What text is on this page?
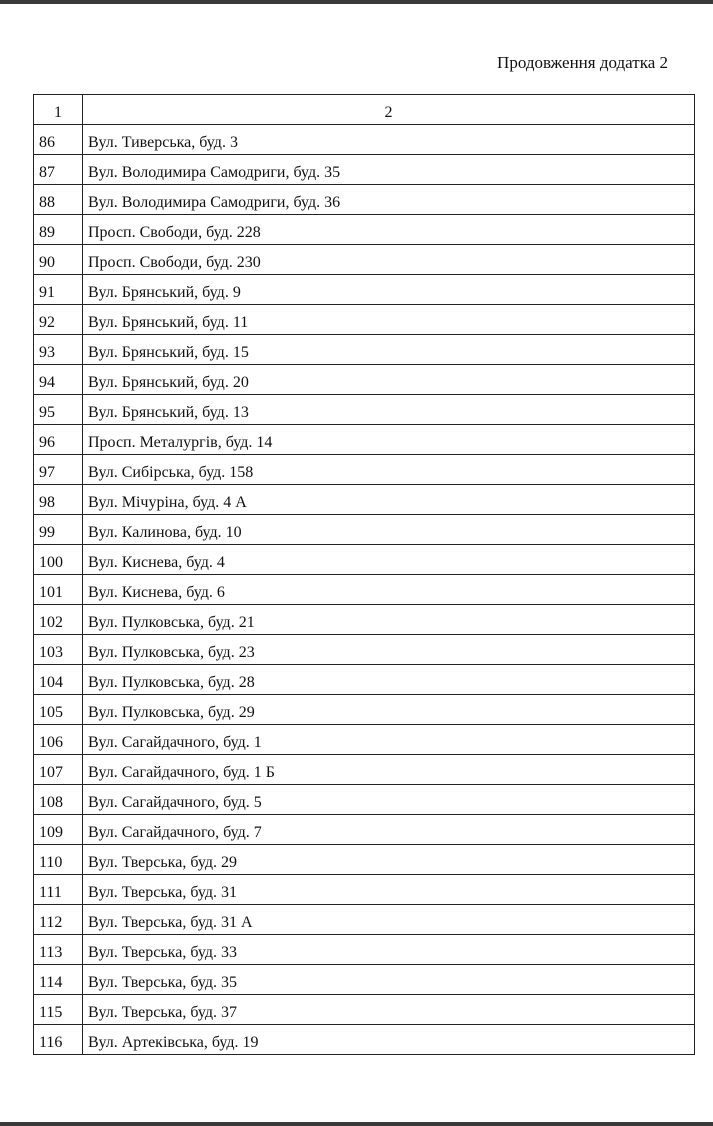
Продовження додатка 2
1	2
86	Вул. Тиверська, буд. 3
87	Вул. Володимира Самодриги, буд. 35
88	Вул. Володимира Самодриги, буд. 36
89	Просп. Свободи, буд. 228
90	Просп. Свободи, буд. 230
91	Вул. Брянський, буд. 9
92	Вул. Брянський, буд. 11
93	Вул. Брянський, буд. 15
94	Вул. Брянський, буд. 20
95	Вул. Брянський, буд. 13
96	Просп. Металургів, буд. 14
97	Вул. Сибірська, буд. 158
98	Вул. Мічуріна, буд. 4 А
99	Вул. Калинова, буд. 10
100	Вул. Киснева, буд. 4
101	Вул. Киснева, буд. 6
102	Вул. Пулковська, буд. 21
103	Вул. Пулковська, буд. 23
104	Вул. Пулковська, буд. 28
105	Вул. Пулковська, буд. 29
106	Вул. Сагайдачного, буд. 1
107	Вул. Сагайдачного, буд. 1 Б
108	Вул. Сагайдачного, буд. 5
109	Вул. Сагайдачного, буд. 7
110	Вул. Тверська, буд. 29
111	Вул. Тверська, буд. 31
112	Вул. Тверська, буд. 31 А
113	Вул. Тверська, буд. 33
114	Вул. Тверська, буд. 35
115	Вул. Тверська, буд. 37
116	Вул. Артеківська, буд. 19
